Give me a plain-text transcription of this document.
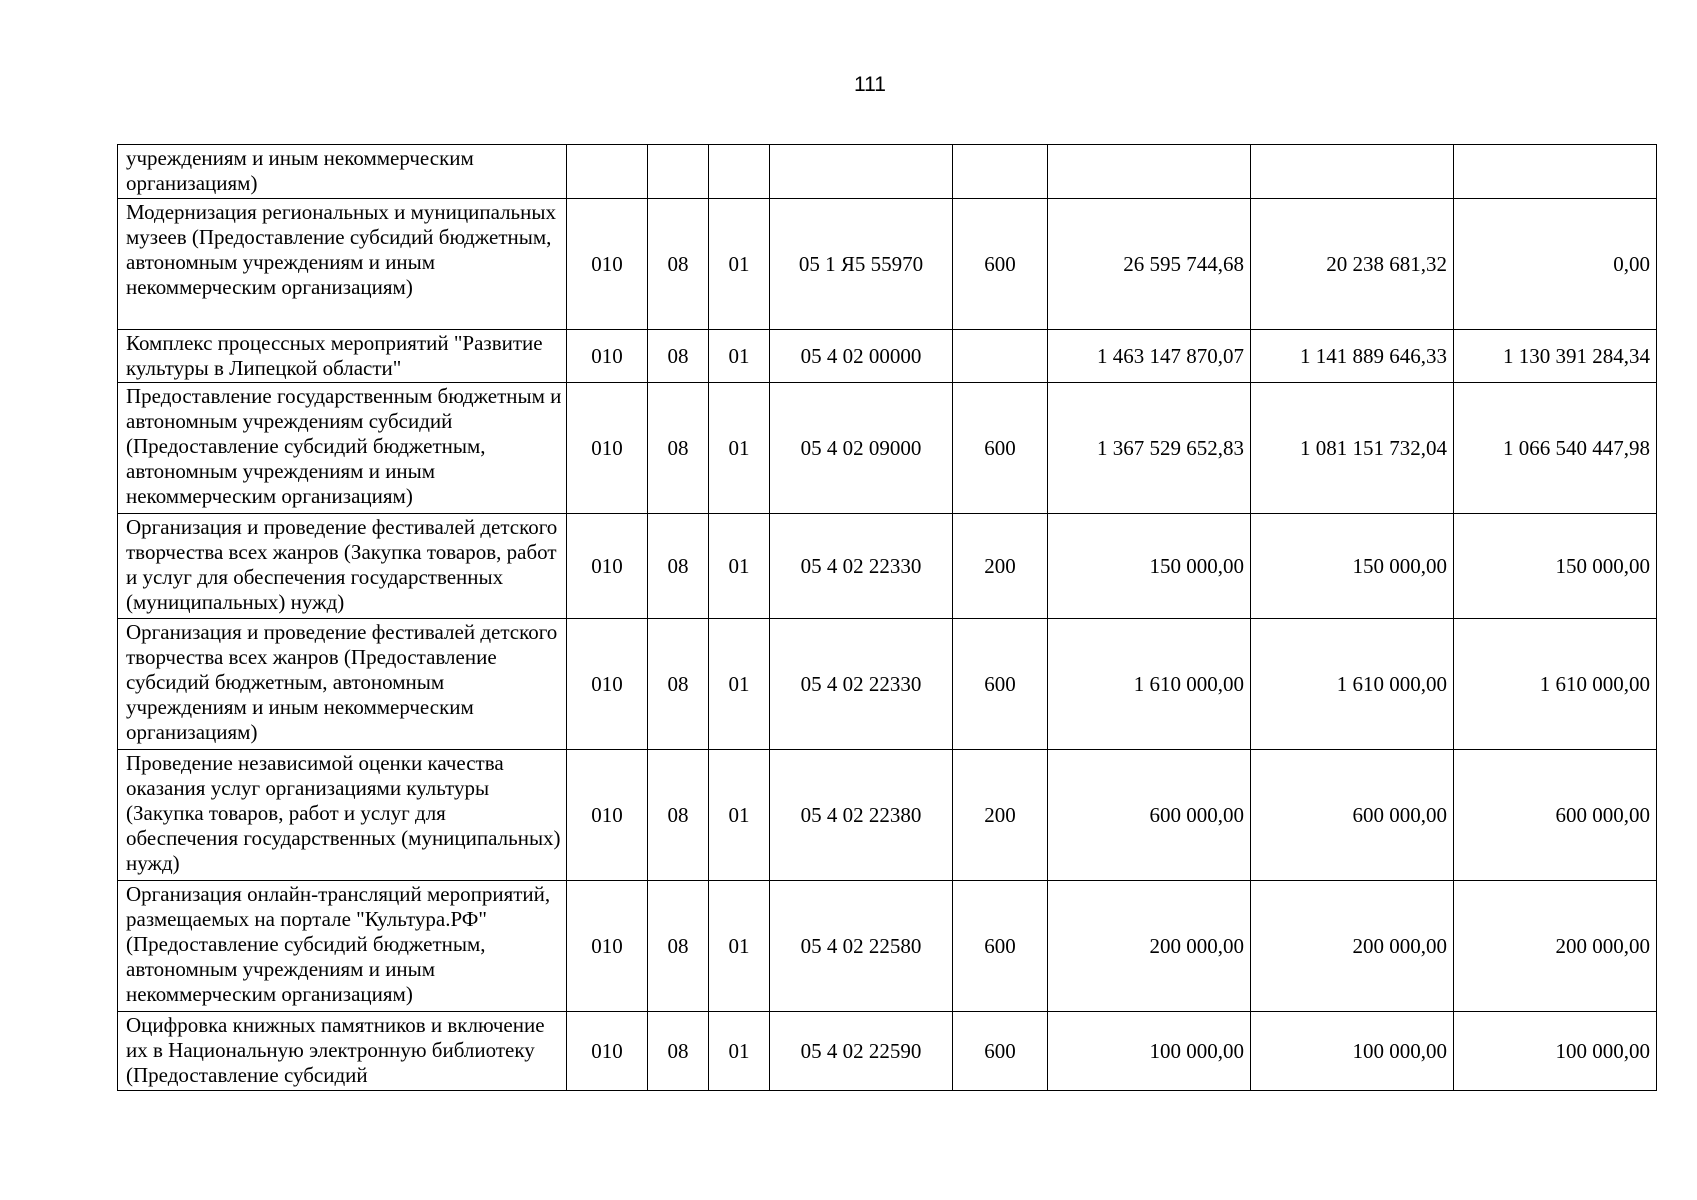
111
учреждениям и иным некоммерческим организациям)								
Модернизация региональных и муниципальных музеев (Предоставление субсидий бюджетным, автономным учреждениям и иным некоммерческим организациям)	010	08	01	05 1 Я5 55970	600	26 595 744,68	20 238 681,32	0,00
Комплекс процессных мероприятий "Развитие культуры в Липецкой области"	010	08	01	05 4 02 00000		1 463 147 870,07	1 141 889 646,33	1 130 391 284,34
Предоставление государственным бюджетным и автономным учреждениям субсидий (Предоставление субсидий бюджетным, автономным учреждениям и иным некоммерческим организациям)	010	08	01	05 4 02 09000	600	1 367 529 652,83	1 081 151 732,04	1 066 540 447,98
Организация и проведение фестивалей детского творчества всех жанров (Закупка товаров, работ и услуг для обеспечения государственных (муниципальных) нужд)	010	08	01	05 4 02 22330	200	150 000,00	150 000,00	150 000,00
Организация и проведение фестивалей детского творчества всех жанров (Предоставление субсидий бюджетным, автономным учреждениям и иным некоммерческим организациям)	010	08	01	05 4 02 22330	600	1 610 000,00	1 610 000,00	1 610 000,00
Проведение независимой оценки качества оказания услуг организациями культуры (Закупка товаров, работ и услуг для обеспечения государственных (муниципальных) нужд)	010	08	01	05 4 02 22380	200	600 000,00	600 000,00	600 000,00
Организация онлайн-трансляций мероприятий, размещаемых на портале "Культура.РФ" (Предоставление субсидий бюджетным, автономным учреждениям и иным некоммерческим организациям)	010	08	01	05 4 02 22580	600	200 000,00	200 000,00	200 000,00
Оцифровка книжных памятников и включение их в Национальную электронную библиотеку (Предоставление субсидий	010	08	01	05 4 02 22590	600	100 000,00	100 000,00	100 000,00
